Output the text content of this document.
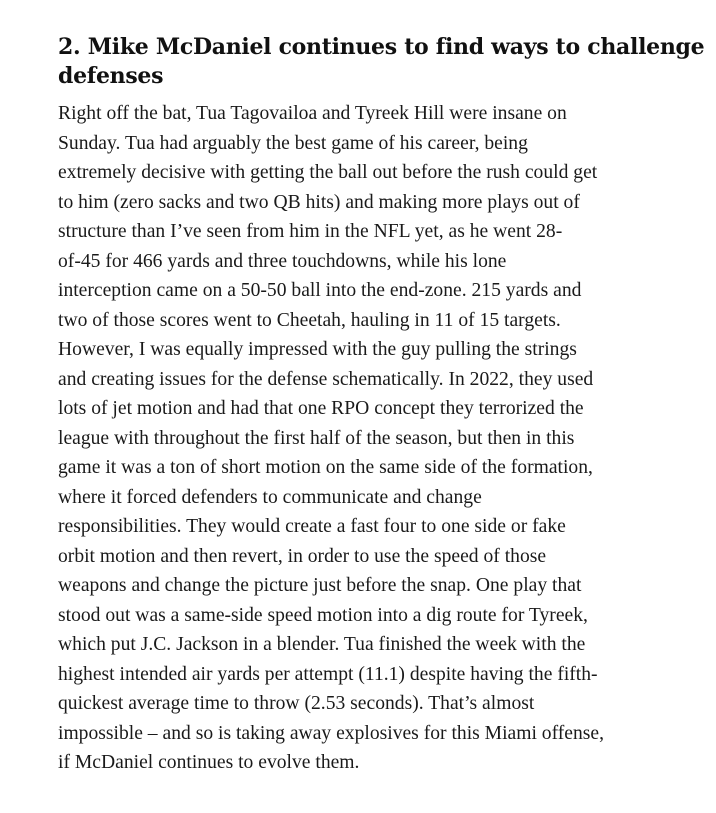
2. Mike McDaniel continues to find ways to challenge
defenses

Right off the bat, Tua Tagovailoa and Tyreek Hill were insane on
Sunday. Tua had arguably the best game of his career, being
extremely decisive with getting the ball out before the rush could get
to him (zero sacks and two QB hits) and making more plays out of
structure than I’ve seen from him in the NFL yet, as he went 28-
of-45 for 466 yards and three touchdowns, while his lone
interception came on a 50-50 ball into the end-zone. 215 yards and
two of those scores went to Cheetah, hauling in 11 of 15 targets.
However, I was equally impressed with the guy pulling the strings
and creating issues for the defense schematically. In 2022, they used
lots of jet motion and had that one RPO concept they terrorized the
league with throughout the first half of the season, but then in this
game it was a ton of short motion on the same side of the formation,
where it forced defenders to communicate and change
responsibilities. They would create a fast four to one side or fake
orbit motion and then revert, in order to use the speed of those
weapons and change the picture just before the snap. One play that
stood out was a same-side speed motion into a dig route for Tyreek,
which put J.C. Jackson in a blender. Tua finished the week with the
highest intended air yards per attempt (11.1) despite having the fifth-
quickest average time to throw (2.53 seconds). That’s almost
impossible – and so is taking away explosives for this Miami offense,
if McDaniel continues to evolve them.
